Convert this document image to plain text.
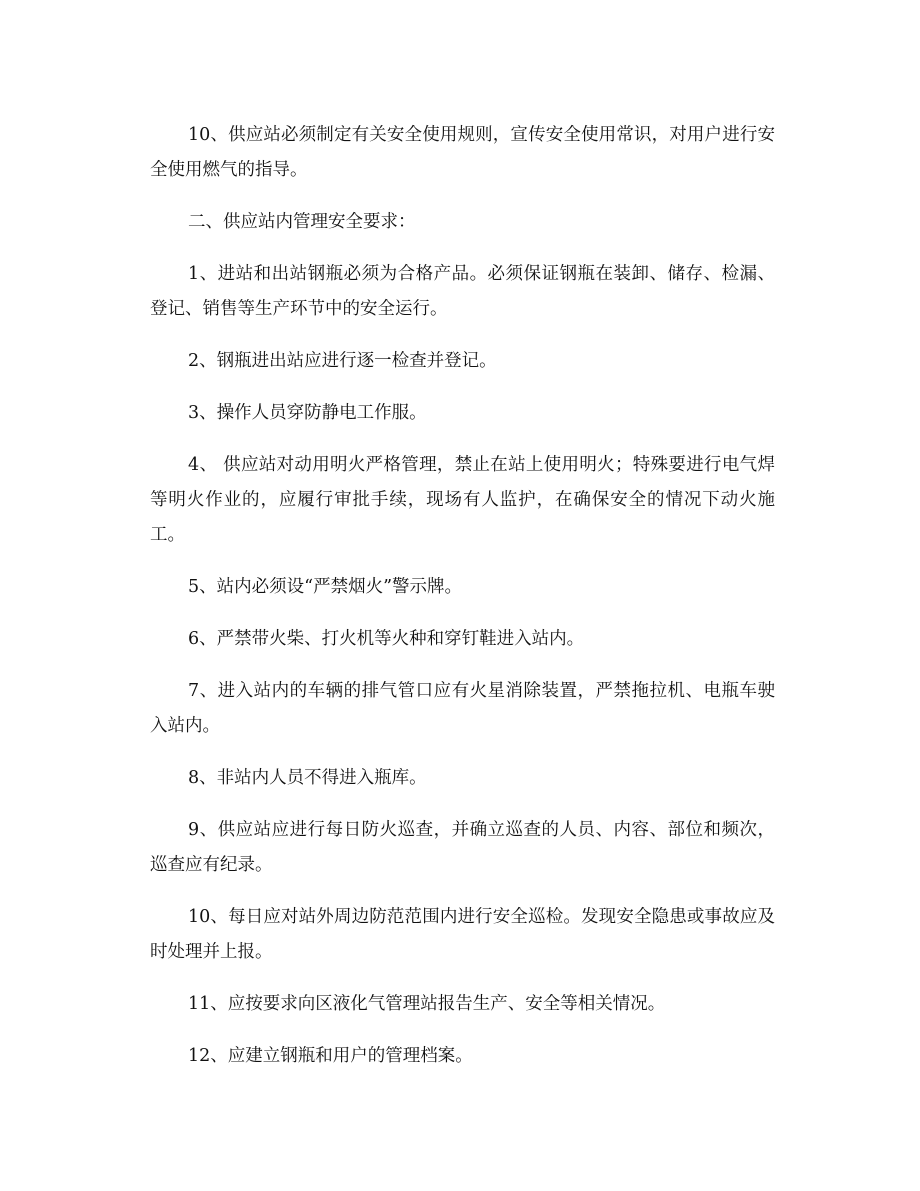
10、供应站必须制定有关安全使用规则，宣传安全使用常识，对用户进行安全使用燃气的指导。

二、供应站内管理安全要求：

1、进站和出站钢瓶必须为合格产品。必须保证钢瓶在装卸、储存、检漏、登记、销售等生产环节中的安全运行。

2、钢瓶进出站应进行逐一检查并登记。

3、操作人员穿防静电工作服。

4、 供应站对动用明火严格管理，禁止在站上使用明火；特殊要进行电气焊等明火作业的，应履行审批手续，现场有人监护，在确保安全的情况下动火施工。

5、站内必须设“严禁烟火”警示牌。

6、严禁带火柴、打火机等火种和穿钉鞋进入站内。

7、进入站内的车辆的排气管口应有火星消除装置，严禁拖拉机、电瓶车驶入站内。

8、非站内人员不得进入瓶库。

9、供应站应进行每日防火巡查，并确立巡查的人员、内容、部位和频次，巡查应有纪录。

10、每日应对站外周边防范范围内进行安全巡检。发现安全隐患或事故应及时处理并上报。

11、应按要求向区液化气管理站报告生产、安全等相关情况。

12、应建立钢瓶和用户的管理档案。
